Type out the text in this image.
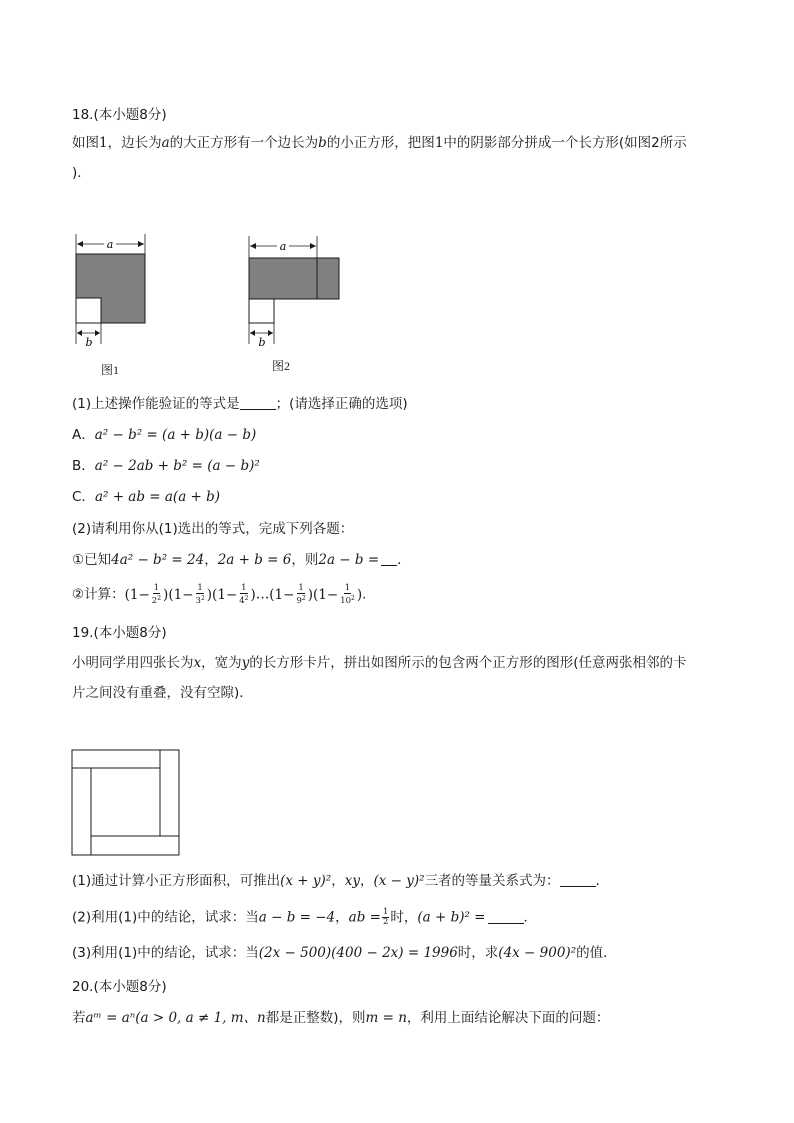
18.(本小题8分)
如图1，边长为a的大正方形有一个边长为b的小正方形，把图1中的阴影部分拼成一个长方形(如图2所示
)．
a
b
图1
a
b
图2
(1)上述操作能验证的等式是	；(请选择正确的选项)
A．a² − b² = (a + b)(a − b)
B．a² − 2ab + b² = (a − b)²
C．a² + ab = a(a + b)
(2)请利用你从(1)选出的等式，完成下列各题：
①已知4a² − b² = 24，2a + b = 6，则2a − b = ．
②计算：$(1- \frac{1}{2^2} )(1- \frac{1}{3^2} )(1- \frac{1}{4^2}$ )…(1− $\frac{1}{9^2} )(1- \frac{1}{10^2}$ ).
19.(本小题8分)
小明同学用四张长为x，宽为y的长方形卡片，拼出如图所示的包含两个正方形的图形(任意两张相邻的卡
片之间没有重叠，没有空隙)．
(1)通过计算小正方形面积，可推出(x + y)²，xy，(x − y)²三者的等量关系式为：	．
(2)利用(1)中的结论，试求：当a − b = −4，ab = $\frac{1}{2}$ 时，(a + b)² =	．
(3)利用(1)中的结论，试求：当(2x − 500)(400 − 2x) = 1996时，求(4x − 900)²的值．
20.(本小题8分)
若aᵐ = aⁿ(a > 0, a ≠ 1, m、n都是正整数)，则m = n，利用上面结论解决下面的问题：
